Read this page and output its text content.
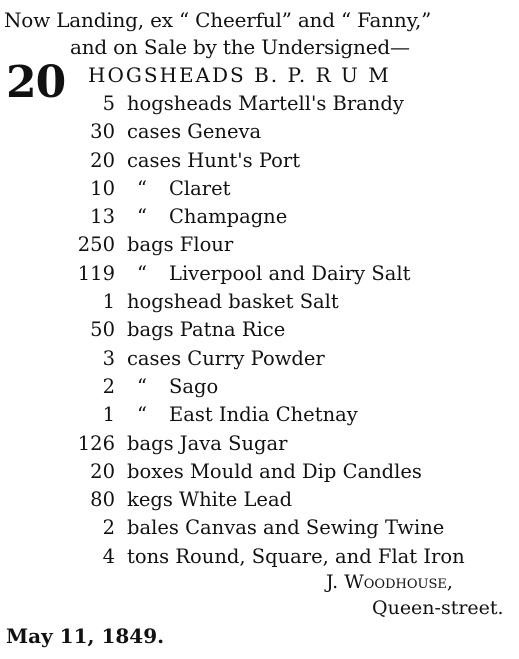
Now Landing, ex “ Cheerful” and “ Fanny,”
and on Sale by the Undersigned—
20 HOGSHEADS B. P. R U M
5 hogsheads Martell's Brandy
30 cases Geneva
20 cases Hunt's Port
10	“ Claret
13	“ Champagne
250 bags Flour
119	“ Liverpool and Dairy Salt
1 hogshead basket Salt
50 bags Patna Rice
3 cases Curry Powder
2	“ Sago
1	“ East India Chetnay
126 bags Java Sugar
20 boxes Mould and Dip Candles
80 kegs White Lead
2 bales Canvas and Sewing Twine
4 tons Round, Square, and Flat Iron
J. Woodhouse,
Queen-street.
May 11, 1849.
